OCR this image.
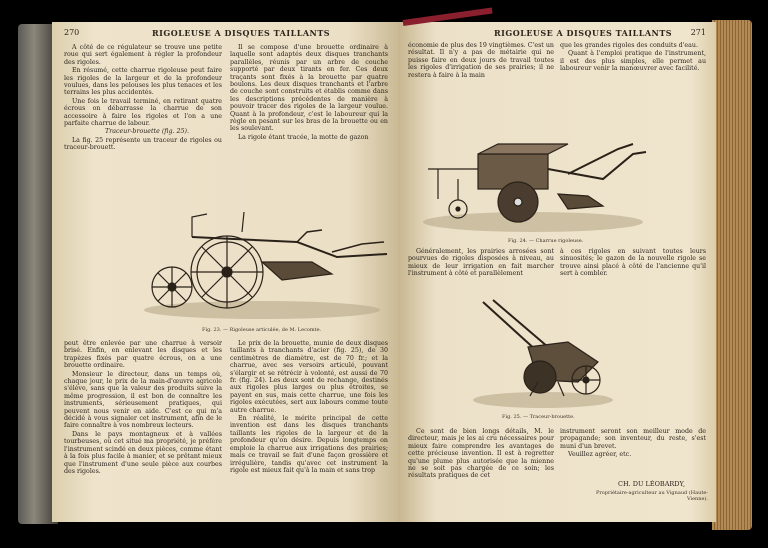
270	RIGOLEUSE A DISQUES TAILLANTS

A côté de ce régulateur se trouve une petite roue qui sert également à régler la profondeur des rigoles.

En résumé, cette charrue rigoleuse peut faire les rigoles de la largeur et de la profondeur voulues, dans les pelouses les plus tenaces et les terrains les plus accidentés.

Une fois le travail terminé, en retirant quatre écrous on débarrasse la charrue de son accessoire à faire les rigoles et l'on a une parfaite charrue de labour.

Traceur-brouette (fig. 25).

La fig. 25 représente un traceur de rigoles ou traceur-brouett.

Il se compose d'une brouette ordinaire à laquelle sont adaptés deux disques tranchants parallèles, réunis par un arbre de couche supporté par deux tirants en fer. Ces deux traçants sont fixés à la brouette par quatre boulons. Les deux disques tranchants et l'arbre de couche sont construits et établis comme dans les descriptions précédentes de manière à pouvoir tracer des rigoles de la largeur voulue. Quant à la profondeur, c'est le laboureur qui la règle en pesant sur les bras de la brouette ou en les soulevant.

La rigole étant tracée, la motte de gazon

Fig. 23. — Rigoleuse articulée, de M. Lecomte.

peut être enlevée par une charrue à versoir brisé. Enfin, en enlevant les disques et les trapèzes fixés par quatre écrous, on a une brouette ordinaire.

Monsieur le directeur, dans un temps où, chaque jour, le prix de la main-d'œuvre agricole s'élève, sans que la valeur des produits suive la même progression, il est bon de connaître les instruments, sérieusement pratiques, qui peuvent nous venir en aide. C'est ce qui m'a décidé à vous signaler cet instrument, afin de le faire connaître à vos nombreux lecteurs.

Dans le pays montagneux et à vallées tourbeuses, où cet situé ma propriété, je préfère l'instrument scindé en deux pièces, comme étant à la fois plus facile à manier, et se prêtant mieux que l'instrument d'une seule pièce aux courbes des rigoles.

Le prix de la brouette, munie de deux disques taillants à tranchants d'acier (fig. 25), de 30 centimètres de diamètre, est de 70 fr.; et la charrue, avec ses versoirs articulé, pouvant s'élargir et se rétrécir à volonté, est aussi de 70 fr. (fig. 24). Les deux sont de rechange, destinés aux rigoles plus larges ou plus étroites, se payent en sus, mais cette charrue, une fois les rigoles exécutées, sert aux labours comme toute autre charrue.

En réalité, le mérite principal de cette invention est dans les disques tranchants taillants les rigoles de la largeur et de la profondeur qu'on désire. Depuis longtemps on emploie la charrue aux irrigations des prairies; mais ce travail se fait d'une façon grossière et irrégulière, tandis qu'avec cet instrument la rigole est mieux fait qu'à la main et sans trop

RIGOLEUSE A DISQUES TAILLANTS 271

économie de plus des 19 vingtièmes. C'est un résultat. Il n'y a pas de métairie qui ne puisse faire en deux jours de travail toutes les rigoles d'irrigation de ses prairies; il ne restera à faire à la main

que les grandes rigoles des conduits d'eau.

Quant à l'emploi pratique de l'instrument, il est des plus simples, elle permet au laboureur venir la manœuvrer avec facilité.

Fig. 24. — Charrue rigoleuse.

Généralement, les prairies arrosées sont pourvues de rigoles disposées à niveau, au mieux de leur irrigation en fait marcher l'instrument à côté et parallèlement

à ces rigoles en suivant toutes leurs sinuosités; le gazon de la nouvelle rigole se trouve ainsi placé à côté de l'ancienne qu'il sert à combler.

Fig. 25. — Traceur-brouette.

Ce sont de bien longs détails, M. le directeur, mais je les ai cru nécessaires pour mieux faire comprendre les avantages de cette précieuse invention. Il est à regretter qu'une plume plus autorisée que la mienne ne se soit pas chargée de ce soin; les résultats pratiques de cet

instrument seront son meilleur mode de propagande; son inventeur, du reste, s'est muni d'un brevet.

Veuillez agréer, etc.

CH. DU LÉOBARDY,
Propriétaire-agriculteur au Vignaud (Haute-Vienne).
